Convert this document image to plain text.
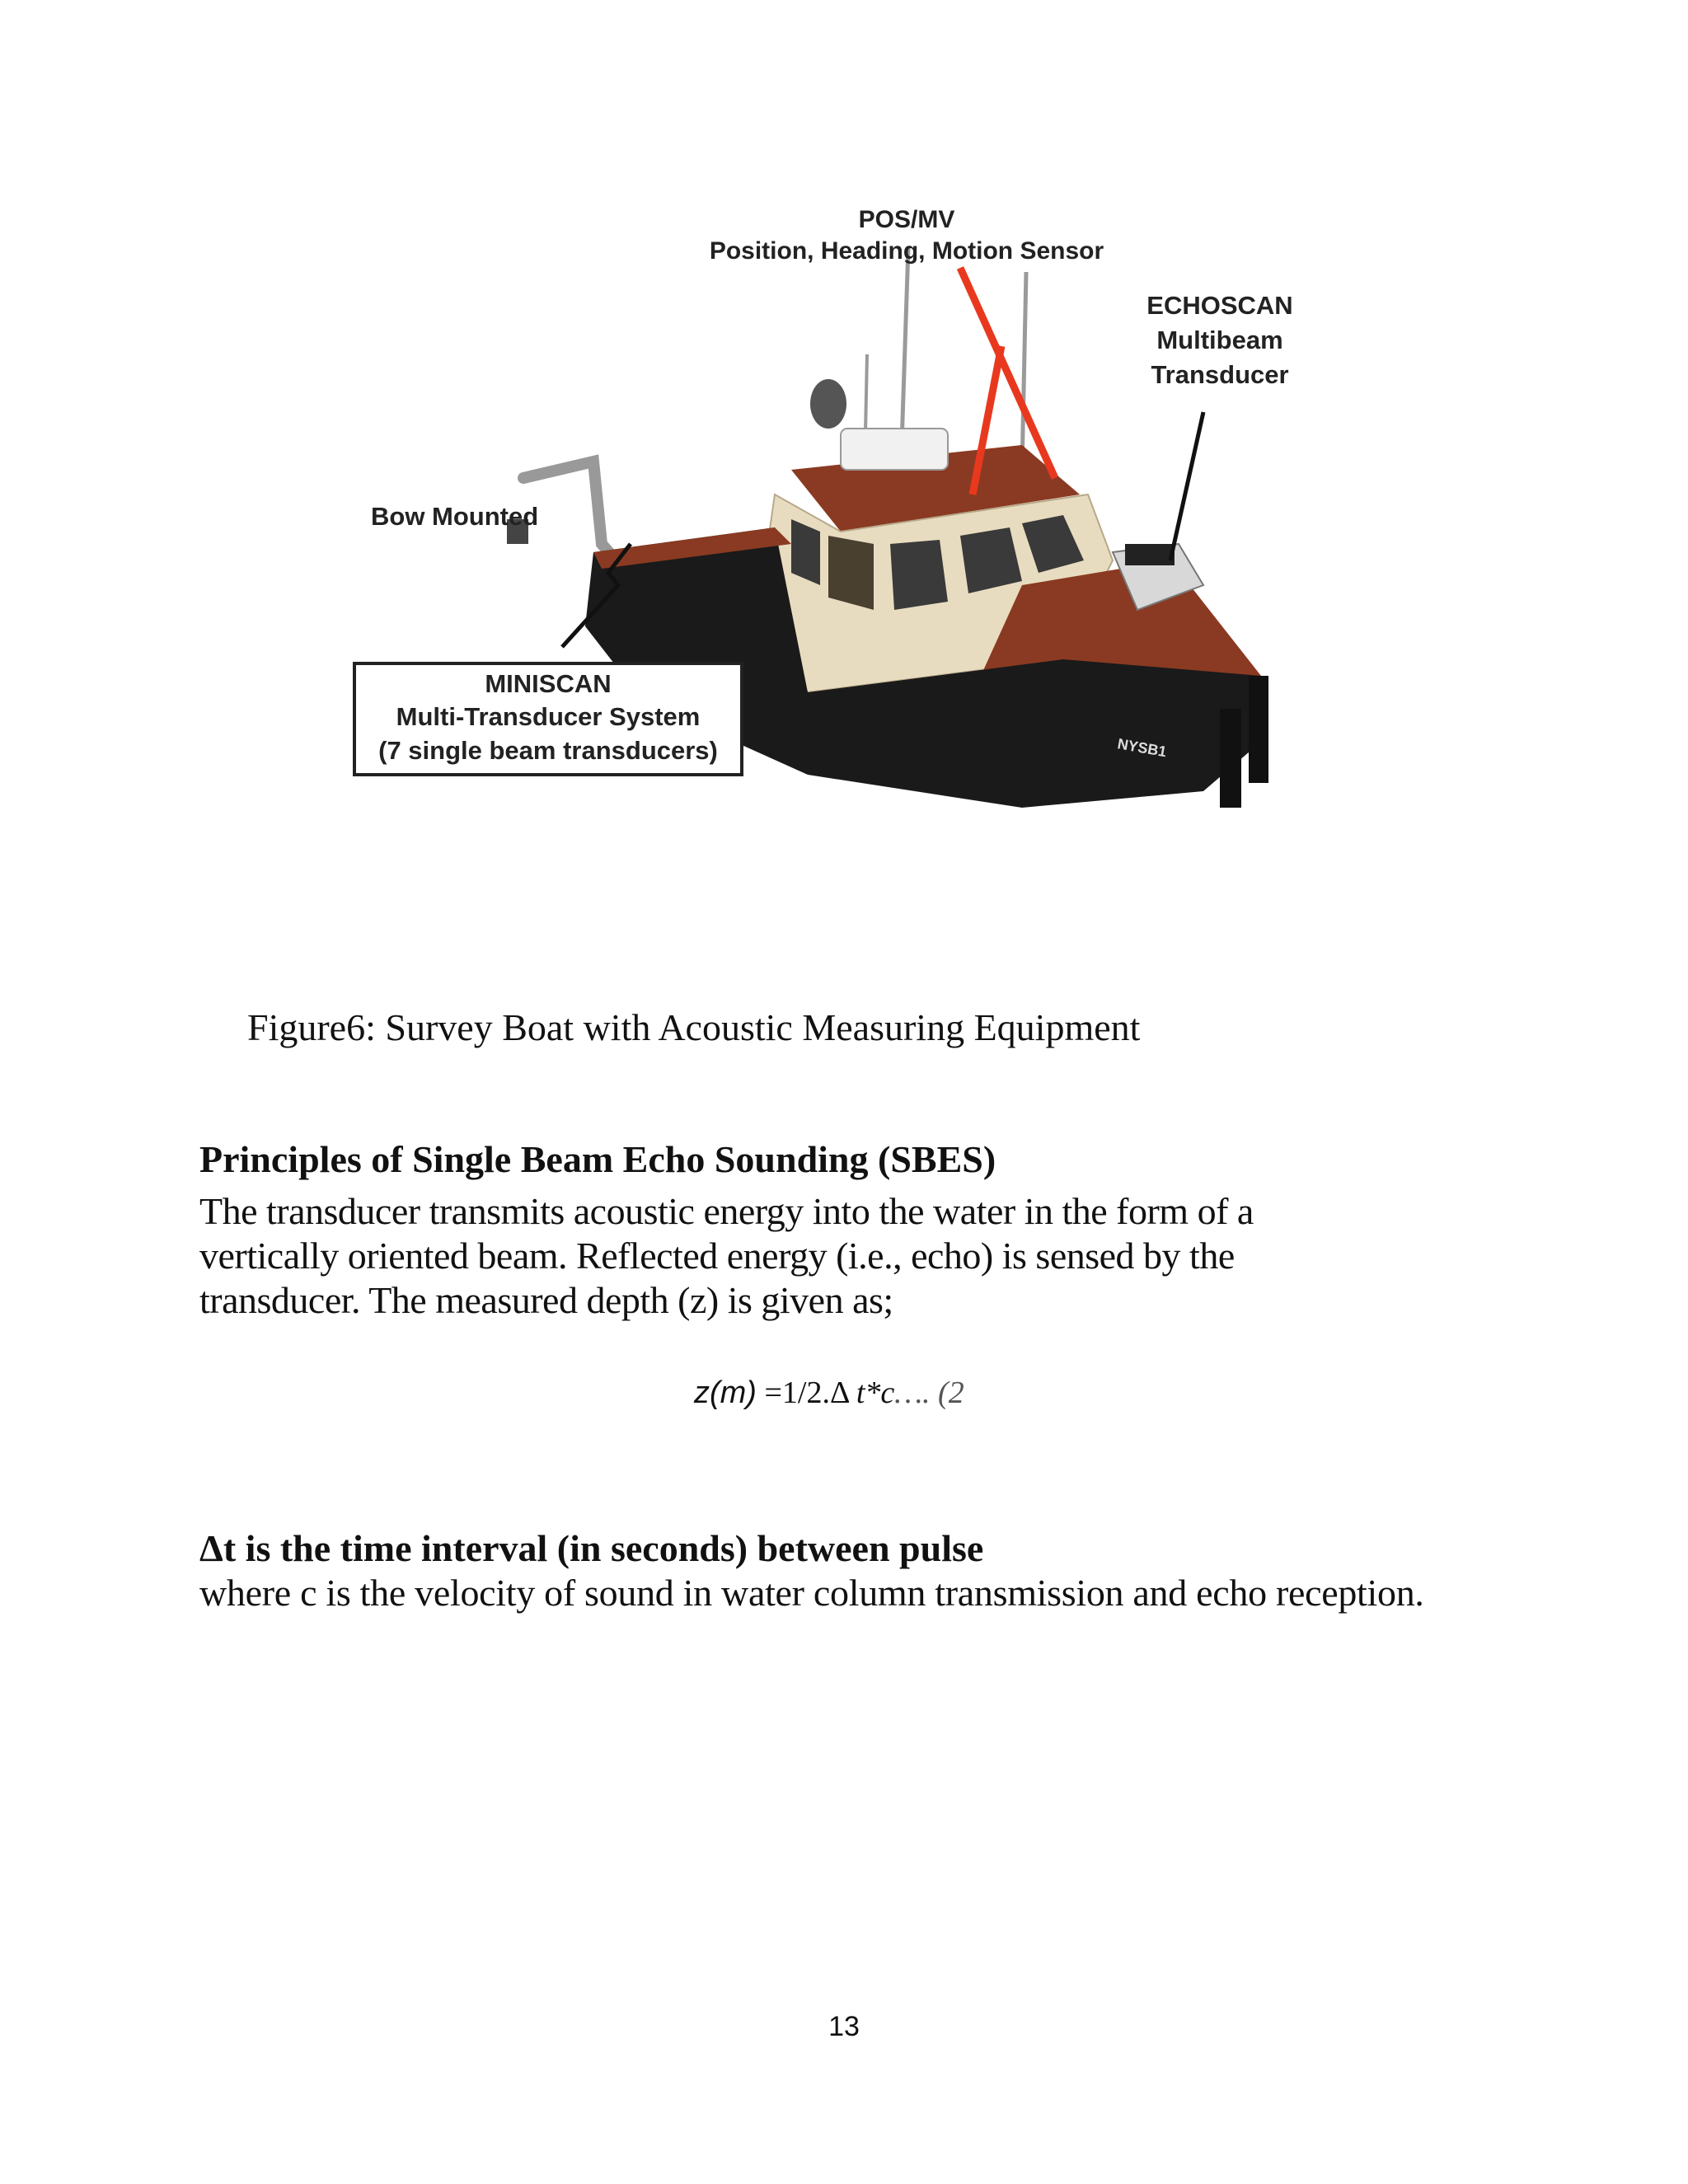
NYSB1
POS/MV
Position, Heading, Motion Sensor
ECHOSCAN
Multibeam
Transducer
Bow Mounted
MINISCAN
Multi-Transducer System
(7 single beam transducers)
Figure6: Survey Boat with Acoustic Measuring Equipment
Principles of Single Beam Echo Sounding (SBES)
The transducer transmits acoustic energy into the water in the form of a
vertically oriented beam. Reflected energy (i.e., echo) is sensed by the
transducer. The measured depth (z) is given as;
z(m) =1/2.Δ t*c…. (2
Δt is the time interval (in seconds) between pulse
where c is the velocity of sound in water column transmission and echo reception.
13
